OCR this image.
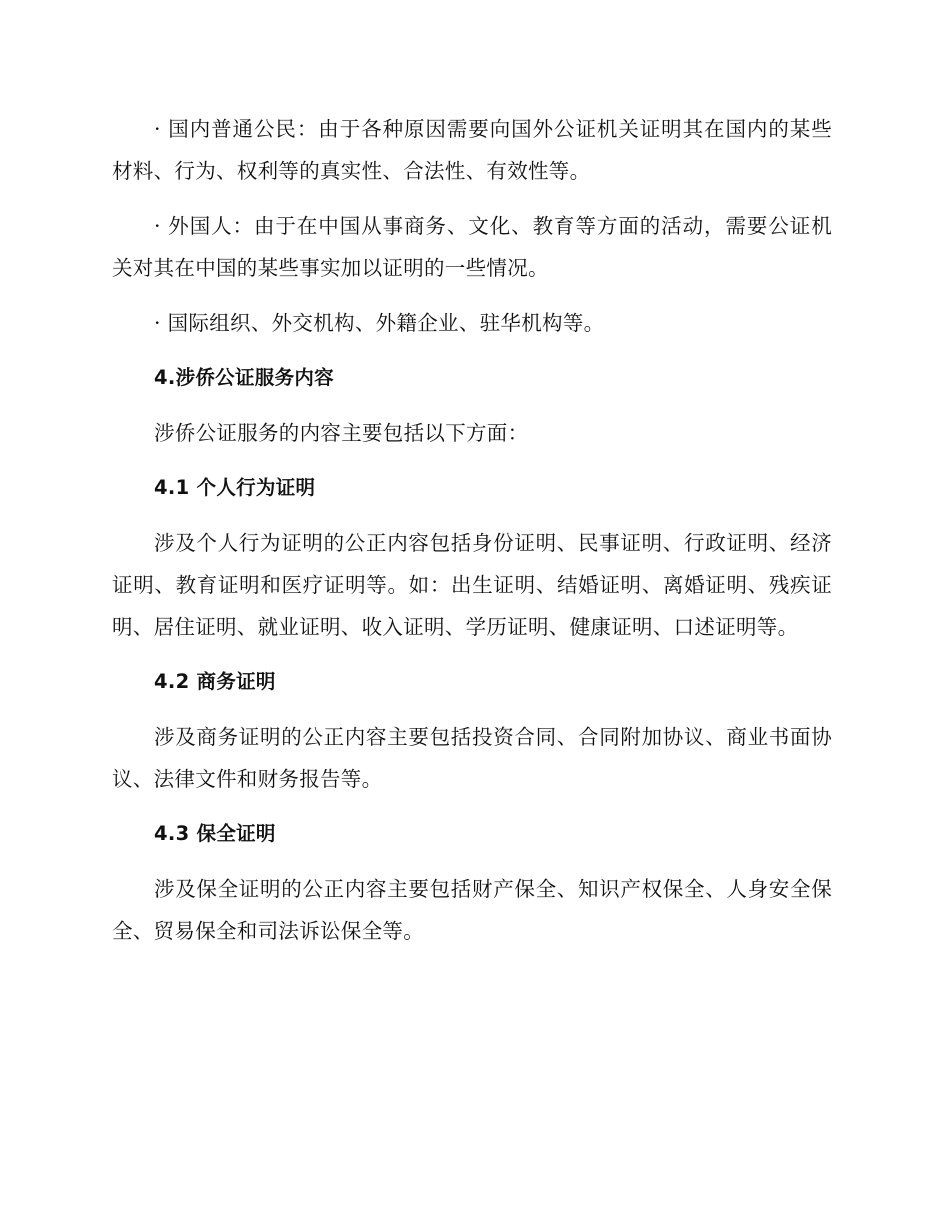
· 国内普通公民：由于各种原因需要向国外公证机关证明其在国内的某些材料、行为、权利等的真实性、合法性、有效性等。

· 外国人：由于在中国从事商务、文化、教育等方面的活动，需要公证机关对其在中国的某些事实加以证明的一些情况。

· 国际组织、外交机构、外籍企业、驻华机构等。

4.涉侨公证服务内容

涉侨公证服务的内容主要包括以下方面：

4.1 个人行为证明

涉及个人行为证明的公正内容包括身份证明、民事证明、行政证明、经济证明、教育证明和医疗证明等。如：出生证明、结婚证明、离婚证明、残疾证明、居住证明、就业证明、收入证明、学历证明、健康证明、口述证明等。

4.2 商务证明

涉及商务证明的公正内容主要包括投资合同、合同附加协议、商业书面协议、法律文件和财务报告等。

4.3 保全证明

涉及保全证明的公正内容主要包括财产保全、知识产权保全、人身安全保全、贸易保全和司法诉讼保全等。
